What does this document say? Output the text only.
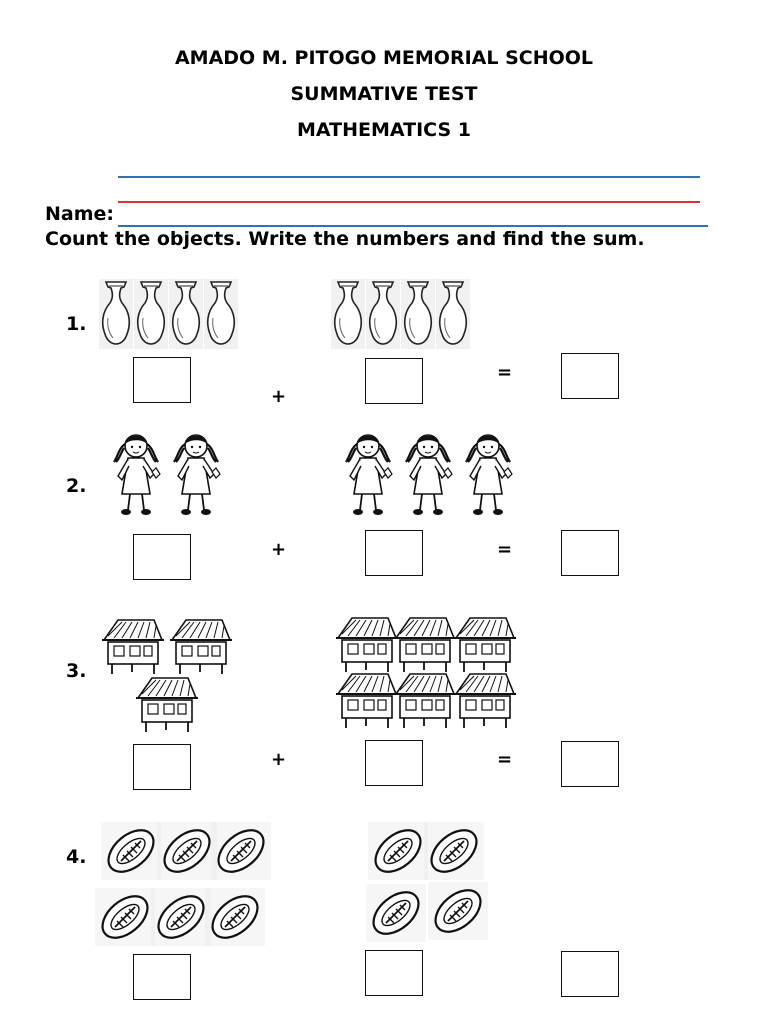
AMADO M. PITOGO MEMORIAL SCHOOL
SUMMATIVE TEST
MATHEMATICS 1
Name:
Count the objects. Write the numbers and find the sum.
1.
+
=
2.
+	=
3.
+	=
4.
